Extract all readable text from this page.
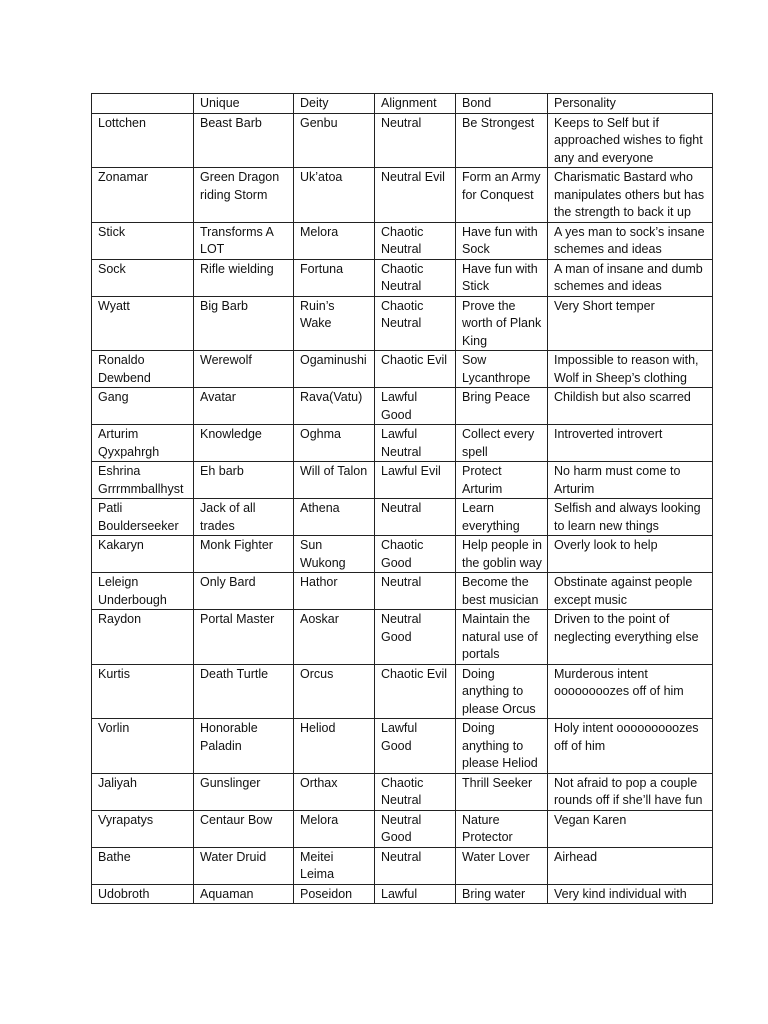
	Unique	Deity	Alignment	Bond	Personality
Lottchen	Beast Barb	Genbu	Neutral	Be Strongest	Keeps to Self but if approached wishes to fight any and everyone
Zonamar	Green Dragon riding Storm	Uk’atoa	Neutral Evil	Form an Army for Conquest	Charismatic Bastard who manipulates others but has the strength to back it up
Stick	Transforms A LOT	Melora	Chaotic Neutral	Have fun with Sock	A yes man to sock’s insane schemes and ideas
Sock	Rifle wielding	Fortuna	Chaotic Neutral	Have fun with Stick	A man of insane and dumb schemes and ideas
Wyatt	Big Barb	Ruin’s Wake	Chaotic Neutral	Prove the worth of Plank King	Very Short temper
Ronaldo Dewbend	Werewolf	Ogaminushi	Chaotic Evil	Sow Lycanthrope	Impossible to reason with, Wolf in Sheep’s clothing
Gang	Avatar	Rava(Vatu)	Lawful Good	Bring Peace	Childish but also scarred
Arturim Qyxpahrgh	Knowledge	Oghma	Lawful Neutral	Collect every spell	Introverted introvert
Eshrina Grrrmmballhyst	Eh barb	Will of Talon	Lawful Evil	Protect Arturim	No harm must come to Arturim
Patli Boulderseeker	Jack of all trades	Athena	Neutral	Learn everything	Selfish and always looking to learn new things
Kakaryn	Monk Fighter	Sun Wukong	Chaotic Good	Help people in the goblin way	Overly look to help
Leleign Underbough	Only Bard	Hathor	Neutral	Become the best musician	Obstinate against people except music
Raydon	Portal Master	Aoskar	Neutral Good	Maintain the natural use of portals	Driven to the point of neglecting everything else
Kurtis	Death Turtle	Orcus	Chaotic Evil	Doing anything to please Orcus	Murderous intent oooooooozes off of him
Vorlin	Honorable Paladin	Heliod	Lawful Good	Doing anything to please Heliod	Holy intent ooooooooozes off of him
Jaliyah	Gunslinger	Orthax	Chaotic Neutral	Thrill Seeker	Not afraid to pop a couple rounds off if she’ll have fun
Vyrapatys	Centaur Bow	Melora	Neutral Good	Nature Protector	Vegan Karen
Bathe	Water Druid	Meitei Leima	Neutral	Water Lover	Airhead
Udobroth	Aquaman	Poseidon	Lawful	Bring water	Very kind individual with
